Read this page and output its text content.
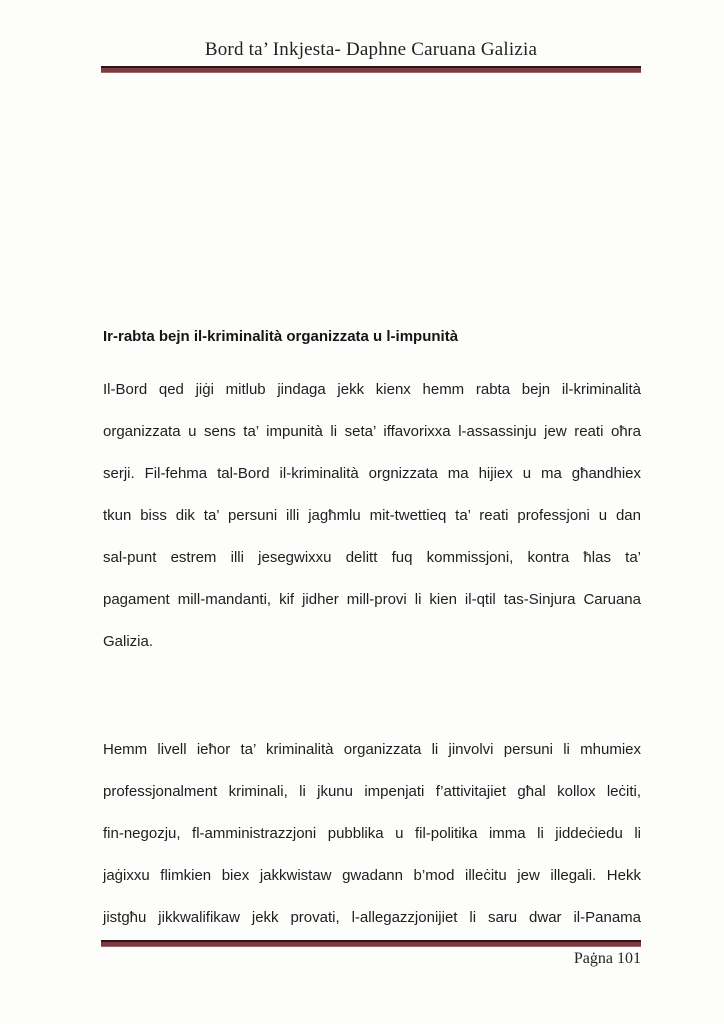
Bord ta’ Inkjesta- Daphne Caruana Galizia
Ir-rabta bejn il-kriminalità organizzata u l-impunità
Il-Bord qed jiġi mitlub jindaga jekk kienx hemm rabta bejn il-kriminalità
organizzata u sens ta’ impunità li seta’ iffavorixxa l-assassinju jew reati oħra
serji. Fil-fehma tal-Bord il-kriminalità orgnizzata ma hijiex u ma għandhiex
tkun biss dik ta’ persuni illi jagħmlu mit-twettieq ta’ reati professjoni u dan
sal-punt estrem illi jesegwixxu delitt fuq kommissjoni, kontra ħlas ta’
pagament mill-mandanti, kif jidher mill-provi li kien il-qtil tas-Sinjura Caruana
Galizia.
Hemm livell ieħor ta’ kriminalità organizzata li jinvolvi persuni li mhumiex
professjonalment kriminali, li jkunu impenjati f’attivitajiet għal kollox leċiti,
fin-negozju, fl-amministrazzjoni pubblika u fil-politika imma li jiddeċiedu li
jaġixxu flimkien biex jakkwistaw gwadann b’mod illeċitu jew illegali. Hekk
jistgħu jikkwalifikaw jekk provati, l-allegazzjonijiet li saru dwar il-Panama
Paġna 101
